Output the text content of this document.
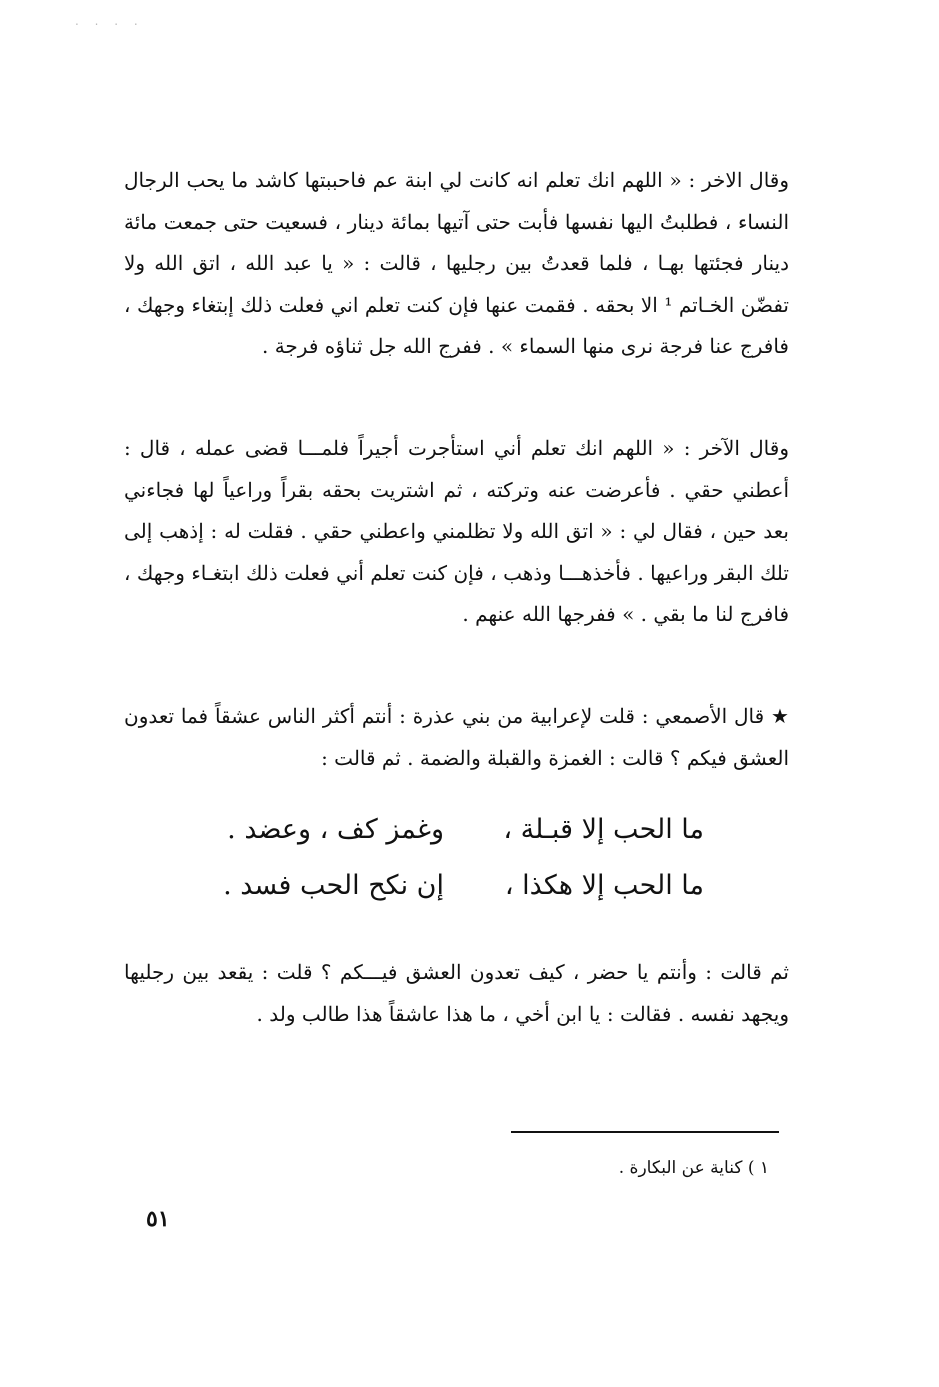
. . . .

وقال الاخر : « اللهم انك تعلم انه كانت لي ابنة عم فاحببتها كاشد ما يحب الرجال النساء ، فطلبتُ اليها نفسها فأبت حتى آتيها بمائة دينار ، فسعيت حتى جمعت مائة دينار فجئتها بهـا ، فلما قعدتُ بين رجليها ، قالت : « يا عبد الله ، اتق الله ولا تفضّن الخـاتم ¹ الا بحقه . فقمت عنها فإن كنت تعلم اني فعلت ذلك إبتغاء وجهك ، فافرج عنا فرجة نرى منها السماء » . ففرج الله جل ثناؤه فرجة .

وقال الآخر : « اللهم انك تعلم أني استأجرت أجيراً فلمـــا قضى عمله ، قال : أعطني حقي . فأعرضت عنه وتركته ، ثم اشتريت بحقه بقراً وراعياً لها فجاءني بعد حين ، فقال لي : « اتق الله ولا تظلمني واعطني حقي . فقلت له : إذهب إلى تلك البقر وراعيها . فأخذهـــا وذهب ، فإن كنت تعلم أني فعلت ذلك ابتغـاء وجهك ، فافرج لنا ما بقي . » ففرجها الله عنهم .

★ قال الأصمعي : قلت لإعرابية من بني عذرة : أنتم أكثر الناس عشقاً فما تعدون العشق فيكم ؟ قالت : الغمزة والقبلة والضمة . ثم قالت :

ما الحب إلا قبـلة ،
وغمز كف ، وعضد .
ما الحب إلا هكذا ،
إن نكح الحب فسد .

ثم قالت : وأنتم يا حضر ، كيف تعدون العشق فيـــكم ؟ قلت : يقعد بين رجليها ويجهد نفسه . فقالت : يا ابن أخي ، ما هذا عاشقاً هذا طالب ولد .

١ ) كناية عن البكارة .

٥١
